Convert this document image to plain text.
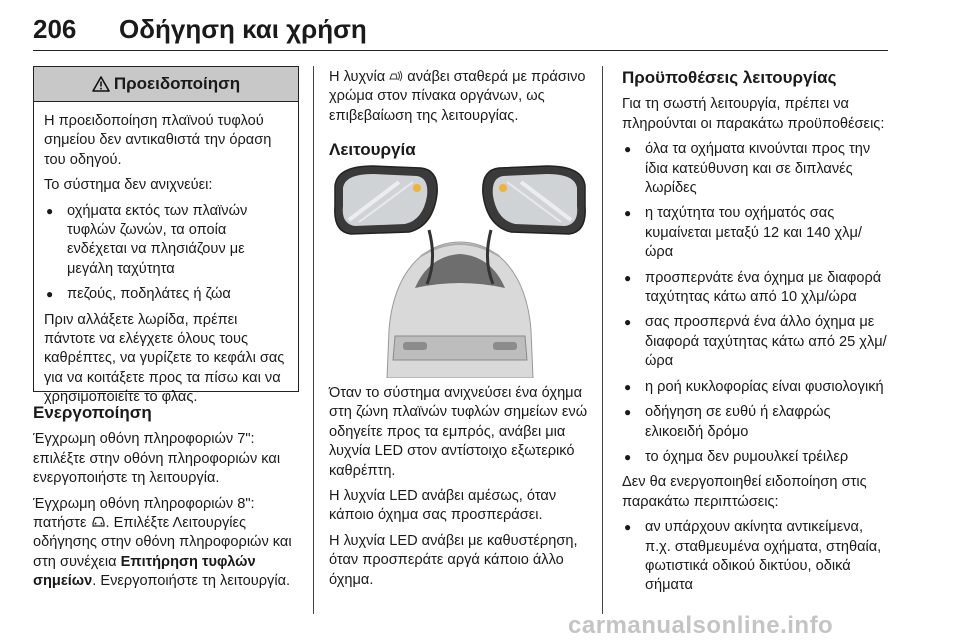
206 Οδήγηση και χρήση
Προειδοποίηση

Η προειδοποίηση πλαϊνού τυφλού σημείου δεν αντικαθιστά την όραση του οδηγού.

Το σύστημα δεν ανιχνεύει:

● οχήματα εκτός των πλαϊνών τυφλών ζωνών, τα οποία ενδέχεται να πλησιάζουν με μεγάλη ταχύτητα
● πεζούς, ποδηλάτες ή ζώα

Πριν αλλάξετε λωρίδα, πρέπει πάντοτε να ελέγχετε όλους τους καθρέπτες, να γυρίζετε το κεφάλι σας για να κοιτάξετε προς τα πίσω και να χρησιμοποιείτε το φλας.

Ενεργοποίηση

Έγχρωμη οθόνη πληροφοριών 7": επιλέξτε στην οθόνη πληροφοριών και ενεργοποιήστε τη λειτουργία.

Έγχρωμη οθόνη πληροφοριών 8": πατήστε . Επιλέξτε Λειτουργίες οδήγησης στην οθόνη πληροφοριών και στη συνέχεια Επιτήρηση τυφλών σημείων. Ενεργοποιήστε τη λειτουργία.

Η λυχνία ανάβει σταθερά με πράσινο χρώμα στον πίνακα οργάνων, ως επιβεβαίωση της λειτουργίας.

Λειτουργία

Όταν το σύστημα ανιχνεύσει ένα όχημα στη ζώνη πλαϊνών τυφλών σημείων ενώ οδηγείτε προς τα εμπρός, ανάβει μια λυχνία LED στον αντίστοιχο εξωτερικό καθρέπτη.

Η λυχνία LED ανάβει αμέσως, όταν κάποιο όχημα σας προσπεράσει.

Η λυχνία LED ανάβει με καθυστέρηση, όταν προσπεράτε αργά κάποιο άλλο όχημα.

Προϋποθέσεις λειτουργίας

Για τη σωστή λειτουργία, πρέπει να πληρούνται οι παρακάτω προϋποθέσεις:

● όλα τα οχήματα κινούνται προς την ίδια κατεύθυνση και σε διπλανές λωρίδες
● η ταχύτητα του οχήματός σας κυμαίνεται μεταξύ 12 και 140 χλμ/ώρα
● προσπερνάτε ένα όχημα με διαφορά ταχύτητας κάτω από 10 χλμ/ώρα
● σας προσπερνά ένα άλλο όχημα με διαφορά ταχύτητας κάτω από 25 χλμ/ώρα
● η ροή κυκλοφορίας είναι φυσιολογική
● οδήγηση σε ευθύ ή ελαφρώς ελικοειδή δρόμο
● το όχημα δεν ρυμουλκεί τρέιλερ

Δεν θα ενεργοποιηθεί ειδοποίηση στις παρακάτω περιπτώσεις:

● αν υπάρχουν ακίνητα αντικείμενα, π.χ. σταθμευμένα οχήματα, στηθαία, φωτιστικά οδικού δικτύου, οδικά σήματα
carmanualsonline.info
